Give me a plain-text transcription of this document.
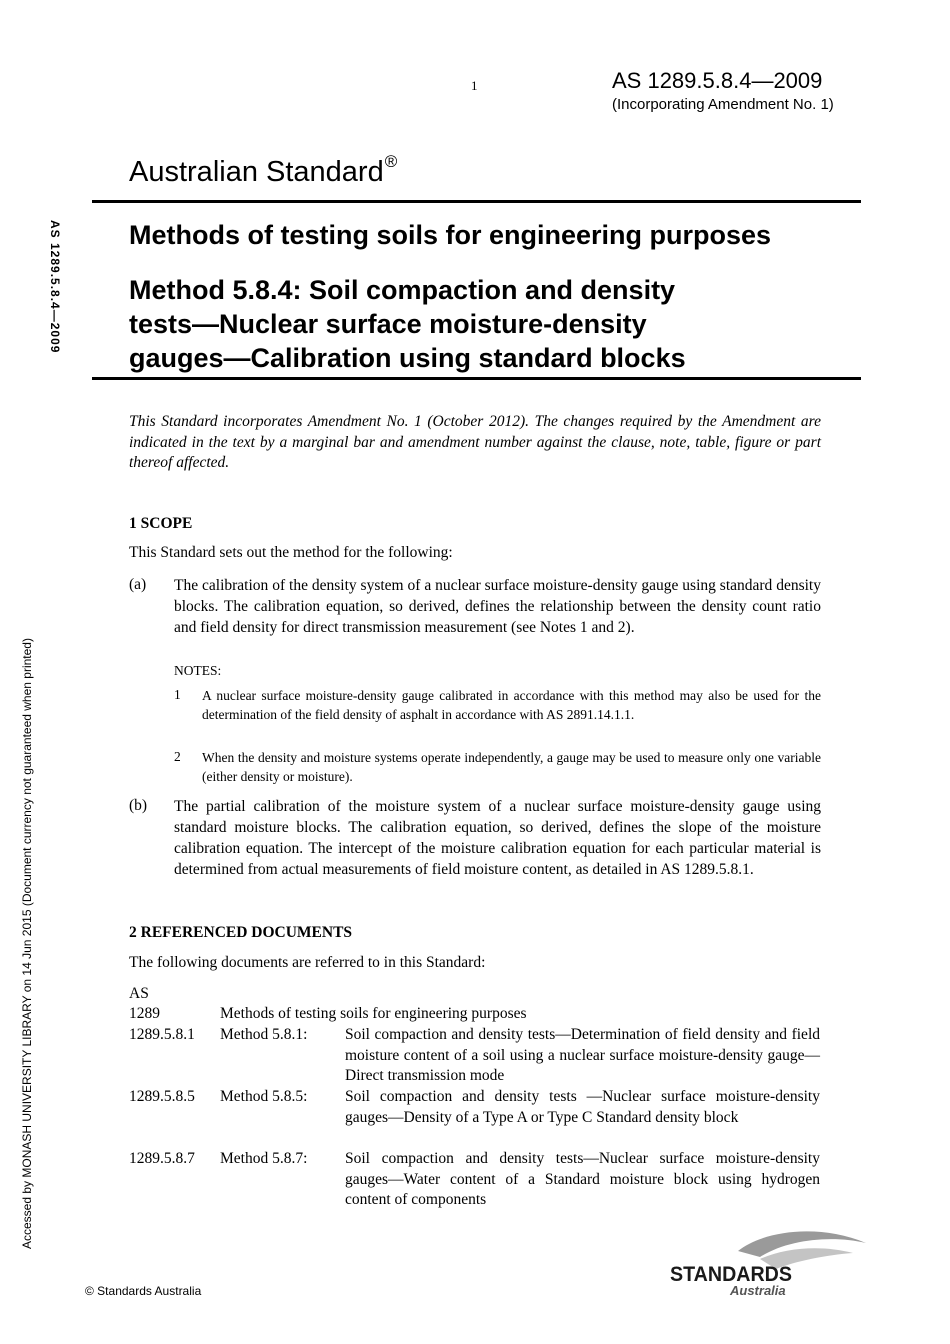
1	AS 1289.5.8.4—2009
(Incorporating Amendment No. 1)
Australian Standard®
AS 1289.5.8.4—2009
Accessed by MONASH UNIVERSITY LIBRARY on 14 Jun 2015 (Document currency not guaranteed when printed)
Methods of testing soils for engineering purposes
Method 5.8.4: Soil compaction and density
tests—Nuclear surface moisture-density
gauges—Calibration using standard blocks
This Standard incorporates Amendment No. 1 (October 2012). The changes required by the Amendment are indicated in the text by a marginal bar and amendment number against the clause, note, table, figure or part thereof affected.
1 SCOPE
This Standard sets out the method for the following:
(a) The calibration of the density system of a nuclear surface moisture-density gauge using standard density blocks. The calibration equation, so derived, defines the relationship between the density count ratio and field density for direct transmission measurement (see Notes 1 and 2).
NOTES:
1 A nuclear surface moisture-density gauge calibrated in accordance with this method may also be used for the determination of the field density of asphalt in accordance with AS 2891.14.1.1.
2 When the density and moisture systems operate independently, a gauge may be used to measure only one variable (either density or moisture).
(b) The partial calibration of the moisture system of a nuclear surface moisture-density gauge using standard moisture blocks. The calibration equation, so derived, defines the slope of the moisture calibration equation. The intercept of the moisture calibration equation for each particular material is determined from actual measurements of field moisture content, as detailed in AS 1289.5.8.1.
2 REFERENCED DOCUMENTS
The following documents are referred to in this Standard:
AS
1289	Methods of testing soils for engineering purposes
1289.5.8.1 Method 5.8.1: Soil compaction and density tests—Determination of field density and field moisture content of a soil using a nuclear surface moisture-density gauge—Direct transmission mode
1289.5.8.5 Method 5.8.5: Soil compaction and density tests —Nuclear surface moisture-density gauges—Density of a Type A or Type C Standard density block
1289.5.8.7 Method 5.8.7: Soil compaction and density tests—Nuclear surface moisture-density gauges—Water content of a Standard moisture block using hydrogen content of components
© Standards Australia
STANDARDS
Australia
